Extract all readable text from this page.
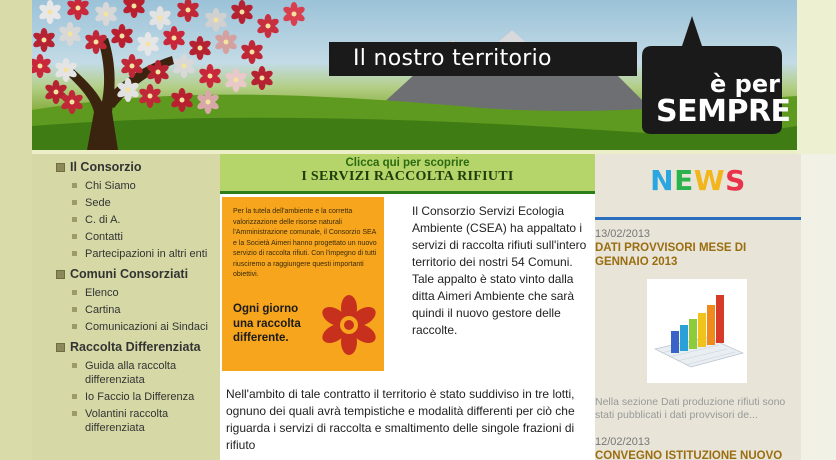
Il nostro territorio
è per
SEMPRE
Il Consorzio
Chi Siamo
Sede
C. di A.
Contatti
Partecipazioni in altri enti
Comuni Consorziati
Elenco
Cartina
Comunicazioni ai Sindaci
Raccolta Differenziata
Guida alla raccolta differenziata
Io Faccio la Differenza
Volantini raccolta differenziata
Clicca qui per scoprire
I SERVIZI RACCOLTA RIFIUTI
Per la tutela dell'ambiente e la corretta valorizzazione delle risorse naturali l'Amministrazione comunale, il Consorzio SEA e la Società Aimeri hanno progettato un nuovo servizio di raccolta rifiuti. Con l'impegno di tutti riusciremo a raggiungere questi importanti obiettivi.
Ogni giorno una raccolta differente.

Il Consorzio Servizi Ecologia Ambiente (CSEA) ha appaltato i servizi di raccolta rifiuti sull'intero territorio dei nostri 54 Comuni. Tale appalto è stato vinto dalla ditta Aimeri Ambiente che sarà quindi il nuovo gestore delle raccolte.

Nell'ambito di tale contratto il territorio è stato suddiviso in tre lotti, ognuno dei quali avrà tempistiche e modalità differenti per ciò che riguarda i servizi di raccolta e smaltimento delle singole frazioni di rifiuto

NEWS
13/02/2013
DATI PROVVISORI MESE DI GENNAIO 2013
Nella sezione Dati produzione rifiuti sono stati pubblicati i dati provvisori de...
12/02/2013
CONVEGNO ISTITUZIONE NUOVO
